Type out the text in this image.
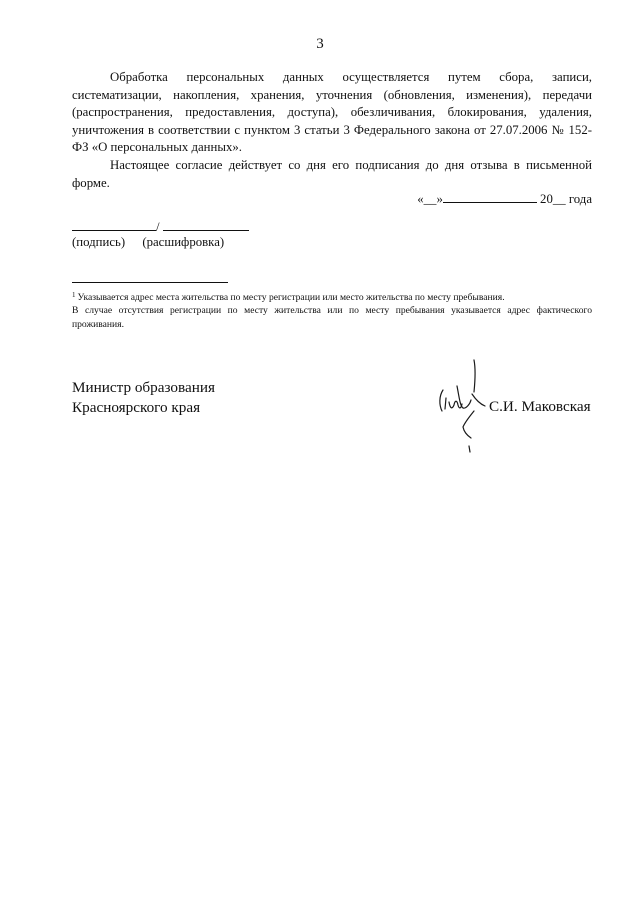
3

Обработка персональных данных осуществляется путем сбора, записи, систематизации, накопления, хранения, уточнения (обновления, изменения), передачи (распространения, предоставления, доступа), обезличивания, блокирования, удаления, уничтожения в соответствии с пунктом 3 статьи 3 Федерального закона от 27.07.2006 № 152-ФЗ «О персональных данных».

Настоящее согласие действует со дня его подписания до дня отзыва в письменной форме.

«__»	20__ года
/
(подпись) (расшифровка)

$^1$ Указывается адрес места жительства по месту регистрации или место жительства по месту пребывания.

В случае отсутствия регистрации по месту жительства или по месту пребывания указывается адрес фактического проживания.

Министр образования
Красноярского края	С.И. Маковская
